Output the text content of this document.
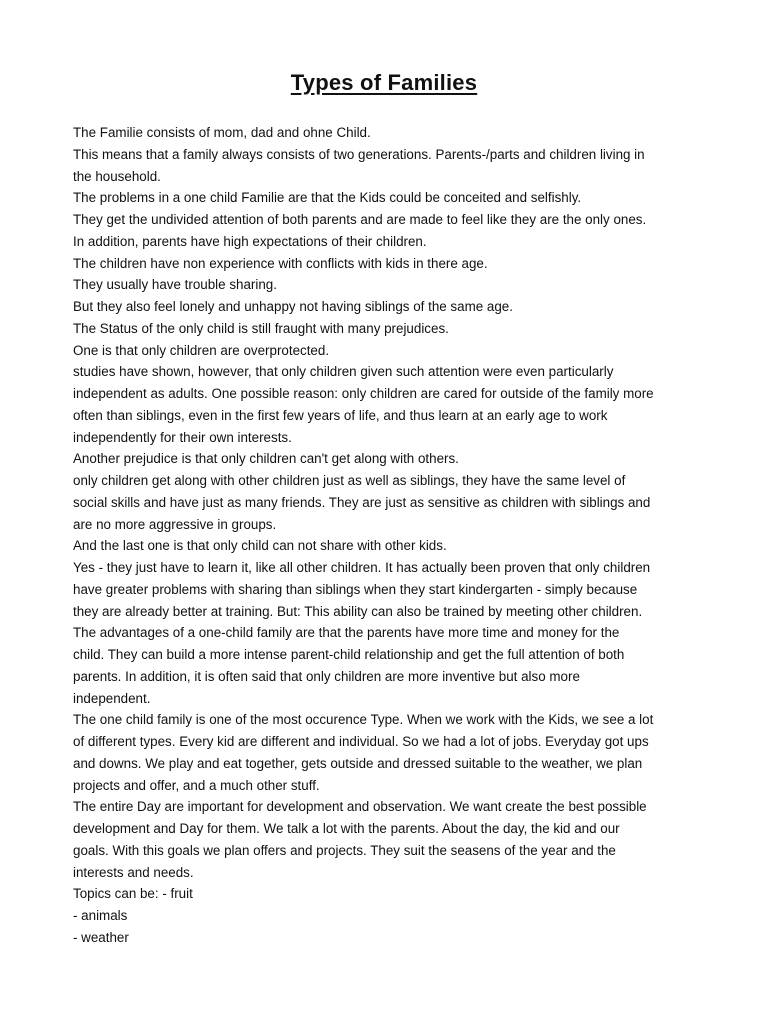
Types of Families
The Familie consists of mom, dad and ohne Child.
This means that a family always consists of two generations. Parents-/parts and children living in
the household.
The problems in a one child Familie are that the Kids could be conceited and selfishly.
They get the undivided attention of both parents and are made to feel like they are the only ones.
In addition, parents have high expectations of their children.
The children have non experience with conflicts with kids in there age.
They usually have trouble sharing.
But they also feel lonely and unhappy not having siblings of the same age.
The Status of the only child is still fraught with many prejudices.
One is that only children are overprotected.
studies have shown, however, that only children given such attention were even particularly
independent as adults. One possible reason: only children are cared for outside of the family more
often than siblings, even in the first few years of life, and thus learn at an early age to work
independently for their own interests.
Another prejudice is that only children can't get along with others.
only children get along with other children just as well as siblings, they have the same level of
social skills and have just as many friends. They are just as sensitive as children with siblings and
are no more aggressive in groups.
And the last one is that only child can not share with other kids.
Yes - they just have to learn it, like all other children. It has actually been proven that only children
have greater problems with sharing than siblings when they start kindergarten - simply because
they are already better at training. But: This ability can also be trained by meeting other children.
The advantages of a one-child family are that the parents have more time and money for the
child. They can build a more intense parent-child relationship and get the full attention of both
parents. In addition, it is often said that only children are more inventive but also more
independent.
The one child family is one of the most occurence Type. When we work with the Kids, we see a lot
of different types. Every kid are different and individual. So we had a lot of jobs. Everyday got ups
and downs. We play and eat together, gets outside and dressed suitable to the weather, we plan
projects and offer, and a much other stuff.
The entire Day are important for development and observation. We want create the best possible
development and Day for them. We talk a lot with the parents. About the day, the kid and our
goals. With this goals we plan offers and projects. They suit the seasens of the year and the
interests and needs.
Topics can be: - fruit
- animals
- weather
